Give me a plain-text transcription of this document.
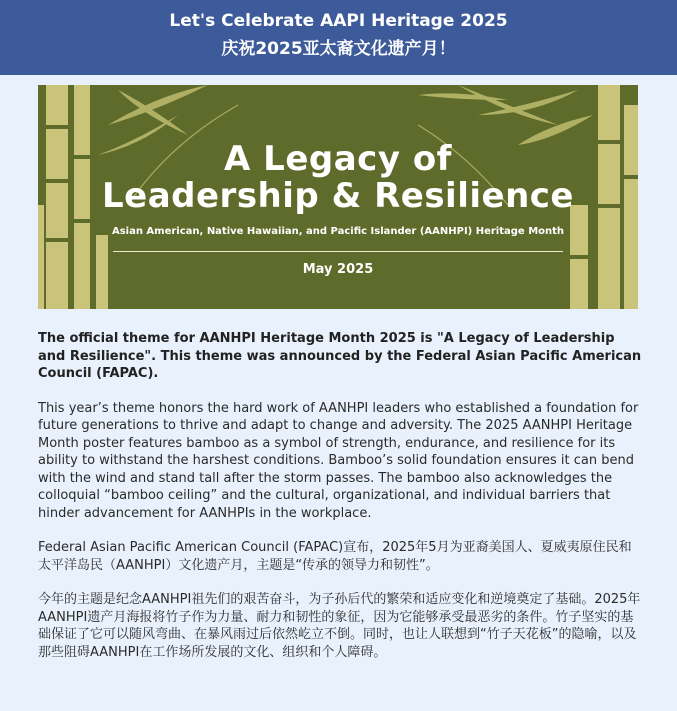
Let's Celebrate AAPI Heritage 2025
庆祝2025亚太裔文化遗产月！
A Legacy of
Leadership & Resilience
Asian American, Native Hawaiian, and Pacific Islander (AANHPI) Heritage Month
May 2025

The official theme for AANHPI Heritage Month 2025 is "A Legacy of Leadership and Resilience". This theme was announced by the Federal Asian Pacific American Council (FAPAC).

This year’s theme honors the hard work of AANHPI leaders who established a foundation for future generations to thrive and adapt to change and adversity. The 2025 AANHPI Heritage Month poster features bamboo as a symbol of strength, endurance, and resilience for its ability to withstand the harshest conditions. Bamboo’s solid foundation ensures it can bend with the wind and stand tall after the storm passes. The bamboo also acknowledges the colloquial “bamboo ceiling” and the cultural, organizational, and individual barriers that hinder advancement for AANHPIs in the workplace.

Federal Asian Pacific American Council (FAPAC)宣布，2025年5月为亚裔美国人、夏威夷原住民和太平洋岛民（AANHPI）文化遗产月，主题是“传承的领导力和韧性”。

今年的主题是纪念AANHPI祖先们的艰苦奋斗，为子孙后代的繁荣和适应变化和逆境奠定了基础。2025年AANHPI遗产月海报将竹子作为力量、耐力和韧性的象征，因为它能够承受最恶劣的条件。竹子坚实的基础保证了它可以随风弯曲、在暴风雨过后依然屹立不倒。同时，也让人联想到“竹子天花板”的隐喻，以及那些阻碍AANHPI在工作场所发展的文化、组织和个人障碍。
